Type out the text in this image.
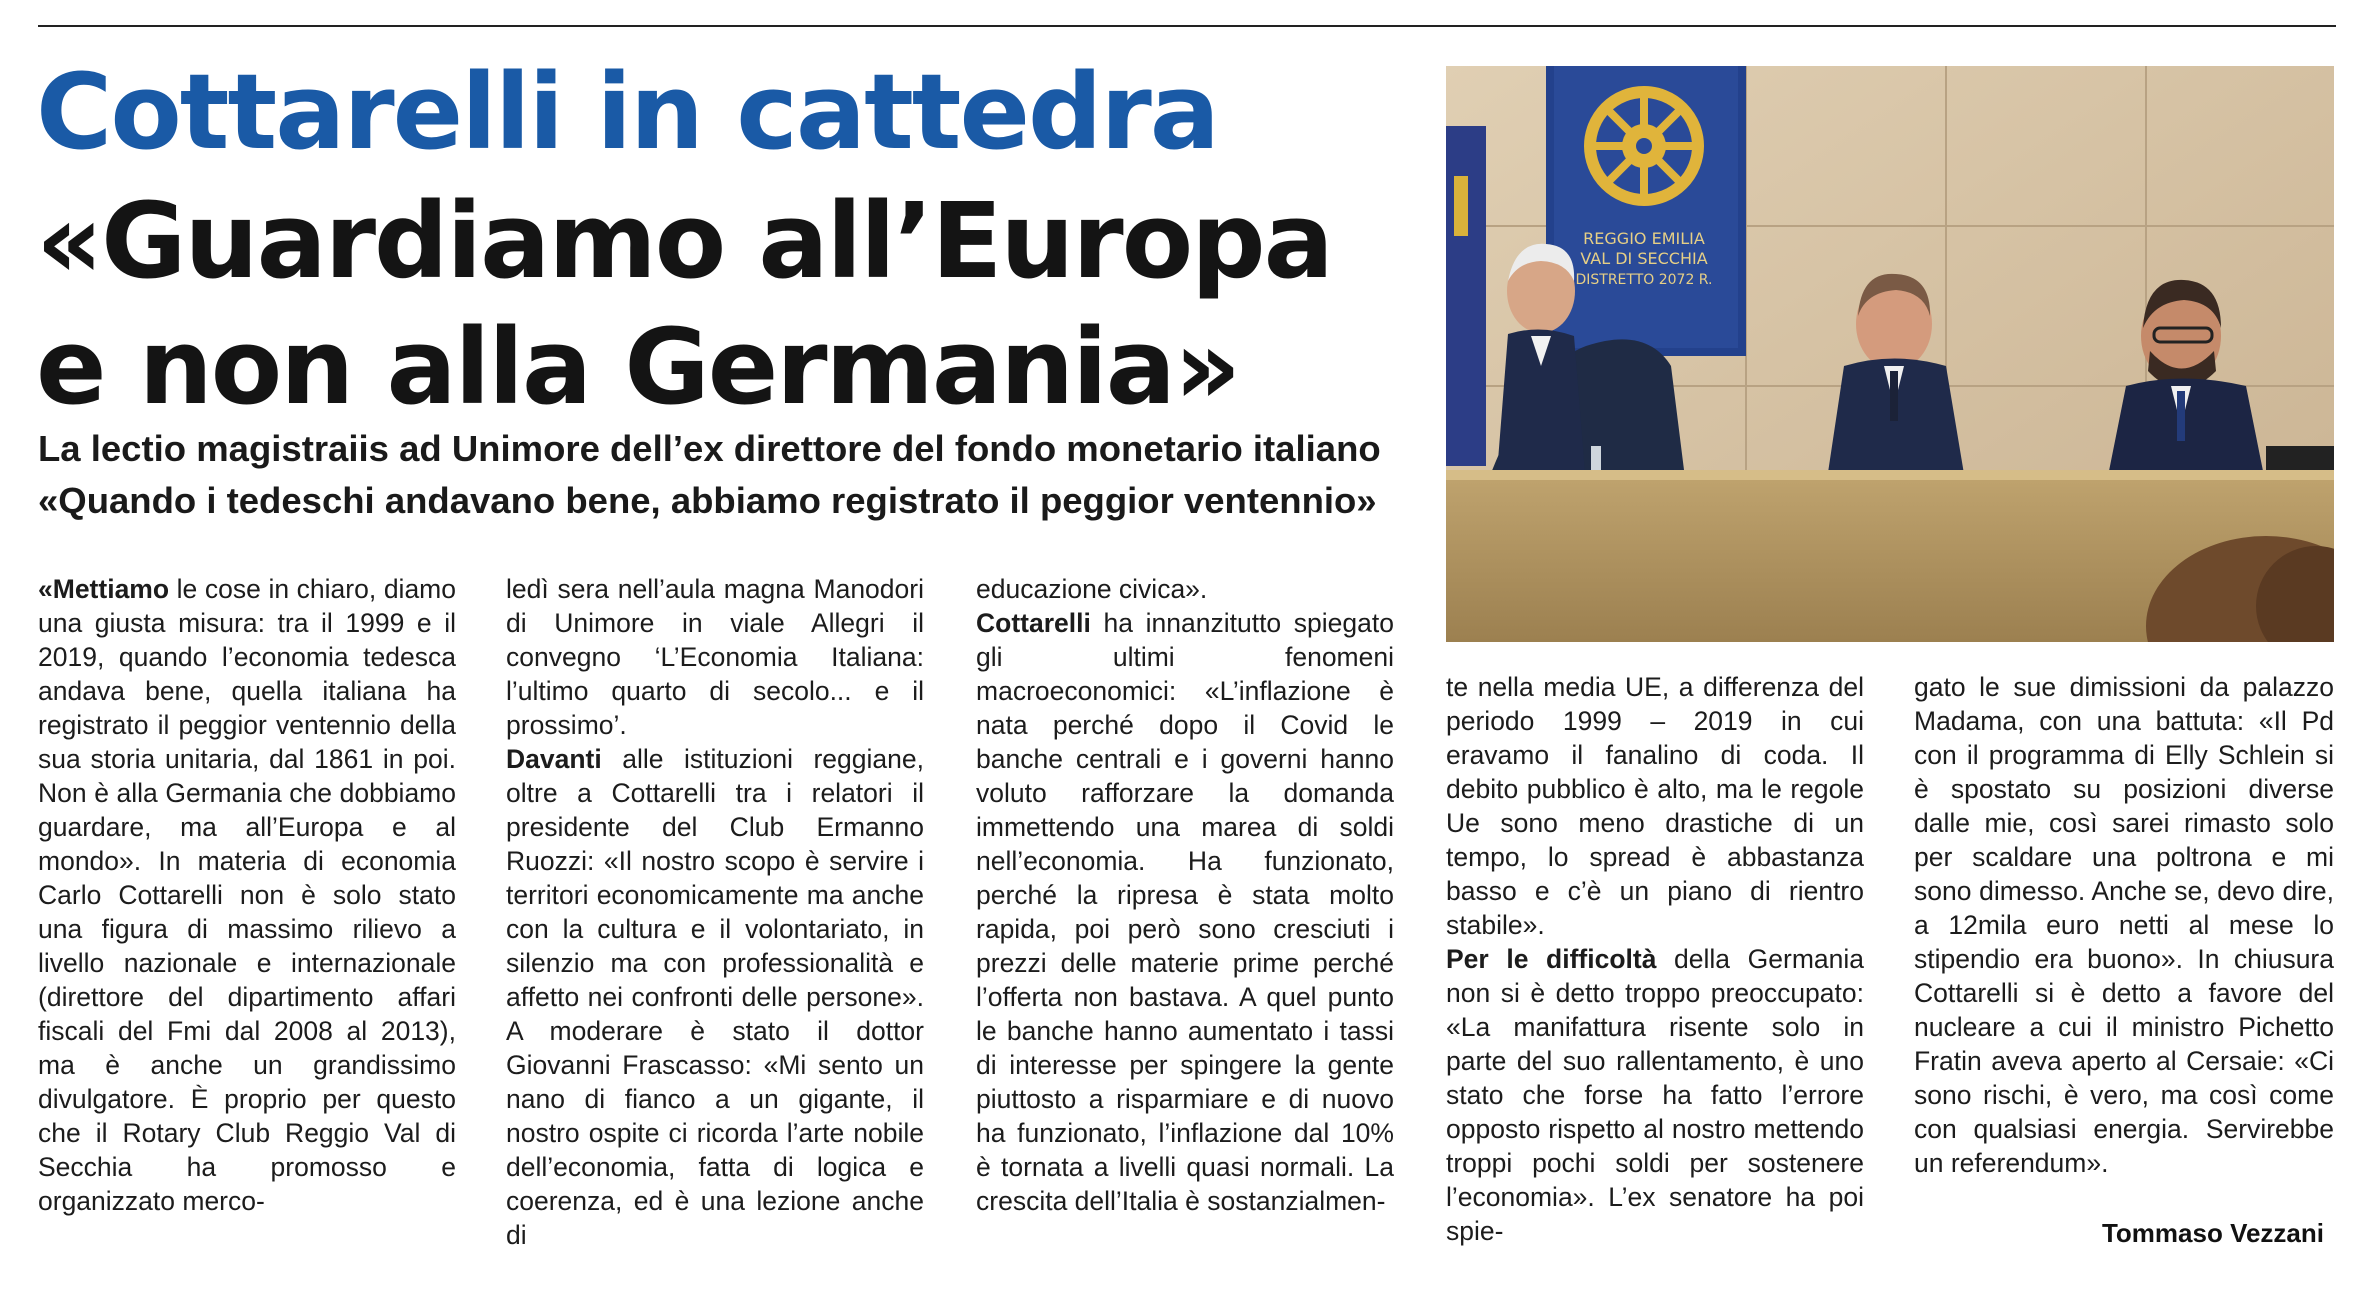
Cottarelli in cattedra
«Guardiamo all’Europa
e non alla Germania»
La lectio magistraiis ad Unimore dell’ex direttore del fondo monetario italiano
«Quando i tedeschi andavano bene, abbiamo registrato il peggior ventennio»
REGGIO EMILIA
VAL DI SECCHIA
DISTRETTO 2072 R.

«Mettiamo le cose in chiaro, diamo una giusta misura: tra il 1999 e il 2019, quando l’economia tedesca andava bene, quella italiana ha registrato il peggior ventennio della sua storia unitaria, dal 1861 in poi. Non è alla Germania che dobbiamo guardare, ma all’Europa e al mondo». In materia di economia Carlo Cottarelli non è solo stato una figura di massimo rilievo a livello nazionale e internazionale (direttore del dipartimento affari fiscali del Fmi dal 2008 al 2013), ma è anche un grandissimo divulgatore. È proprio per questo che il Rotary Club Reggio Val di Secchia ha promosso e organizzato merco-

ledì sera nell’aula magna Manodori di Unimore in viale Allegri il convegno ‘L’Economia Italiana: l’ultimo quarto di secolo... e il prossimo’.

Davanti alle istituzioni reggiane, oltre a Cottarelli tra i relatori il presidente del Club Ermanno Ruozzi: «Il nostro scopo è servire i territori economicamente ma anche con la cultura e il volontariato, in silenzio ma con professionalità e affetto nei confronti delle persone». A moderare è stato il dottor Giovanni Frascasso: «Mi sento un nano di fianco a un gigante, il nostro ospite ci ricorda l’arte nobile dell’economia, fatta di logica e coerenza, ed è una lezione anche di

educazione civica».

Cottarelli ha innanzitutto spiegato gli ultimi fenomeni macroeconomici: «L’inflazione è nata perché dopo il Covid le banche centrali e i governi hanno voluto rafforzare la domanda immettendo una marea di soldi nell’economia. Ha funzionato, perché la ripresa è stata molto rapida, poi però sono cresciuti i prezzi delle materie prime perché l’offerta non bastava. A quel punto le banche hanno aumentato i tassi di interesse per spingere la gente piuttosto a risparmiare e di nuovo ha funzionato, l’inflazione dal 10% è tornata a livelli quasi normali. La crescita dell’Italia è sostanzialmen-

te nella media UE, a differenza del periodo 1999 – 2019 in cui eravamo il fanalino di coda. Il debito pubblico è alto, ma le regole Ue sono meno drastiche di un tempo, lo spread è abbastanza basso e c’è un piano di rientro stabile».

Per le difficoltà della Germania non si è detto troppo preoccupato: «La manifattura risente solo in parte del suo rallentamento, è uno stato che forse ha fatto l’errore opposto rispetto al nostro mettendo troppi pochi soldi per sostenere l’economia». L’ex senatore ha poi spie-

gato le sue dimissioni da palazzo Madama, con una battuta: «Il Pd con il programma di Elly Schlein si è spostato su posizioni diverse dalle mie, così sarei rimasto solo per scaldare una poltrona e mi sono dimesso. Anche se, devo dire, a 12mila euro netti al mese lo stipendio era buono». In chiusura Cottarelli si è detto a favore del nucleare a cui il ministro Pichetto Fratin aveva aperto al Cersaie: «Ci sono rischi, è vero, ma così come con qualsiasi energia. Servirebbe un referendum».

Tommaso Vezzani
